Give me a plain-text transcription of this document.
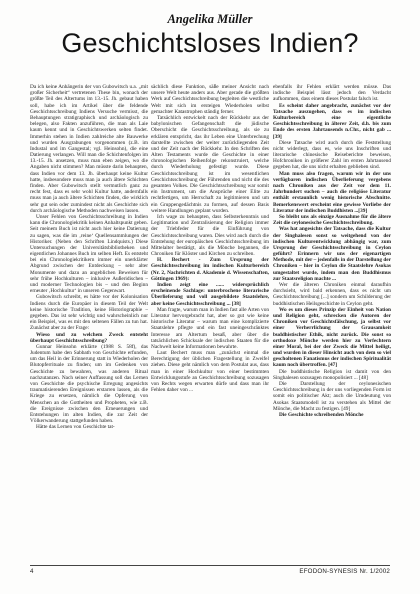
Angelika Müller
Geschichtsloses Indien?

Da ich keine Anhängerin der von Gubowitsch u.a. „mit großer Sicherheit“ vertretenen These bin, wonach der größte Teil des Altertums im 13.-15. Jh. gebaut haben soll, habe ich im Artikel über die feldende Geschichtsschreibung Indiens Versuche vermisst, die Behauptungen stratigraphisch und archäologisch zu belegen, also Fakten anzuführen, die man als Laie kaum kennt und in Geschichtswerken selten findet. Immerhin stehen in Indien zahlreiche alte Bauwerke und wurden Ausgrabungen vorgenommen (z.B. im Industal und im Gangestal; vgl. Heinsohn), die eine Datierung verlangen. Will man die Schichtenfolgen im 13.-15. Jh. ansetzen, muss man eben zeigen, wo die Angaben nicht stimmen? Man müsste darin behaupten, dass Indien vor dem 13. Jh. überhaupt keine Kultur hatte, insbesondere muss man ja auch ältere Schichten finden. Aber Gubowitsch stellt vermutlich ganz zu recht fest, dass es sehr wohl Kultur hatte, andernfalls muss man ja auch ältere Schichten finden, die wirklich sehr gut sein oder zumindest nicht als Geschichte sich durch archäologische Methoden nachweisen lassen.

Unser Fehlen von Geschichtsschreibung in Indien kann die Chronologiekritik keinen Anhaltspunkt geben. Seit meinem Buch ist nicht auch hier keine Datierung zu sagen, was die im ‚reine‘ Quellensammlungen der Historiker. (Neben den Schriften Lindquists.) Diese Untersuchungen der Universitätsbibliotheken und eigentlichen Johannes Buch im selben Heft. Es entsteht bei ein Chronologiekritikern immer ein unerklärter Abgrund zwischen der Entdeckung – sehr alter Monumente und dazu an angeblichen Beweisen für sehr frühe Hochkulturen – inklusive Außeridischen – und moderner Technologien bis – und den Beginn erneuter ‚Hochkultur‘ in unseren Gegenwart.

Gubowitsch schreibt, es hätte vor der Kolonisation Indiens durch die Europäer in diesem Teil der Welt keine historische Tradition, keine Historiographie – gegeben. Das ist sehr wichtig und wahrscheinlich nur ein Beispiel, was es mit den seltenen Fällen zu tun hat. Zunächst aber zu der Frage:

Wieso und zu welchem Zweck entsteht überhaupt Geschichtsschreibung?

Gunnar Heinsohn erklärte (1988 S. 58f), das Judentum habe den Sabbath von Geschichte erfunden, um das Heil in der Erinnerung statt in Wiederholen der Blutopferrituale zu finden; um im Gedenken von Geschichte zu bewahren, was anderen Ritual nachzutanzen. Nach seiner Auffassung soll das Lernen von Geschichte die psychische Erregung angesichts traumatisierenden Ereignissen erstarren lassen, als die Kriege zu ersetzen, nämlich die Opferung von Menschen an die Gottheiten und Propheten, wie z.B. die Ereignisse zwischen den Erneuerungen und Entstehungen im alten Indien, die zur Zeit der Völkerwanderung stattgefunden haben.

Hätte das Lernen von Geschichte tat-

sächlich diese Funktion, säße meiner Ansicht nach unsere Welt heute anders aus. Aber gerade die größten Werk auf Geschichtsschreibung begleiten die westliche Welt mit sich im ersteigen Wiederholen selbst gemachter Katastrophen ständig ferner.

Tatsächlich entwickelt nach der Rückkehr aus der babylonischen Gefangenschaft die jüdische Oberschicht die Geschichtsschreibung, als sie zu erklären entspricht, das ihr Leben eine Unterbrechung darstellte zwischen der weiter zurückliegenden Zeit und der Zeit nach der Rückkehr. In den Schriften des Alten Testaments wurde die Geschichte in einer chronologischen Reihenfolge rekonstruiert, welche durch Wiederholung gefestigt wurde. Diese Geschichtsschreibung ist im wesentlichen Geschichtsschreibung der Führenden und nicht die des gesamten Volkes. Die Geschichtsschreibung war somit ein Instrument, um die Ansprüche einer Elite zu rechtfertigen, um Herrschaft zu legitimieren und um ein Gruppengedächtnis zu formen, auf dessen Basis weitere Handlungen geplant wurden.

Ich wage zu behaupten, dass Selbsterkenntnis und Legitimation und Zentralisierung der Religion immer der Triebfeder für die Einführung von Geschichtsschreibung waren. Dies wird auch durch die Entstehung der europäischen Geschichtsschreibung im Mittelalter bestätigt, als die Mönche begannen, die Chroniken für Klöster und Kirchen zu schreiben.

H. Bechert - Zum Ursprung der Geschichtsschreibung im indischen Kulturbereich (Nr. 2, Nachrichten d. Akademie d. Wissenschaften, Göttingen 1969):

Indien zeigt eine ...... widersprüchlich erscheinende Sachlage: unterbrochene literarische Überlieferung und voll ausgebildete Staatslehre, aber keine Geschichtsschreibung ... [38]

Man fragte, warum man in Indien fast alle Arten von Literatur hervorgebracht hat, aber so gut wie keine historische Literatur – warum man eine komplizierte Staatslehre pflegte und ein fast uneingeschränktes Interesse am Altertum besaß, aber über die tatsächlichen Schicksale der indischen Staaten für die Nachwelt keine Informationen bewahrte.

Laut Bechert muss man „zunächst einmal die Berechtigung der üblichen Fragestellung in Zweifel ziehen. Diese geht nämlich von dem Postulat aus, dass man in einer Hochkultur von einer bestimmten Entwicklungsstufe an Geschichtsschreibung sozusagen von Rechts wegen erwarten dürfe und dass man ihr Fehlen daher von ...

ebenfalls ihr Fehlen erklärt werden müsse. Das indische Beispiel lässt jedoch den Verdacht aufkommen, dass einem dieses Postulat falsch ist.

Es scheint daher angebracht, zunächst vor der Tatsache auszugehen, dass es im indischen Kulturbereich eine eigentliche Geschichtsschreibung in älterer Zeit, d.h. bis zum Ende des ersten Jahrtausends n.Chr., nicht gab ...[39]

Diese Tatsache wird auch durch die Feststellung nicht widerlegt, dass es, wie uns Inschriften und literarische chinesische Reiseberichte beweisen, Hofchroniken in größerer Zahl im ersten Jahrtausend gegeben hat, die uns nicht erhalten geblieben sind.

Man muss also fragen, warum wir in der uns verfügbaren indischen Überlieferung vergebens nach Chroniken aus der Zeit vor dem 11. Jahrhundert suchen – auch die religiöse Literatur enthält erstaunlich wenig historische Abschnitte. Bemerkenswert erscheint eine gewisse Vorliebe der Literatur der indischen Buddhisten ...[39]

So bleibt uns als einzige Ausnahme für die ältere Zeit die ceylonesische Geschichtsschreibung.

Was hat angesichts der Tatsache, dass die Kultur der Singhalesen sonst so weitgehend von der indischen Kulturentwicklung abhängig war, zum Ursprung der Geschichtsschreibung in Ceylon geführt? Erinnern wir uns der eigenartigen Methode, mit der – jedenfalls in der Darstellung der Chroniken – hier in Ceylon die Staatslehre Asokas umgestaltet wurde, indem man den Buddhismus zur Staatsreligion machte ...

Wer die älteren Chroniken einmal daraufhin durchsieht, wird bald erkennen, dass es nicht um Geschichtsschreibung [...] sondern um Schilderung der buddhistischen Heilsgeschichte in Ceylon geht.

Wo es um dieses Prinzip der Einheit von Nation und Religion geht, schrecken die Autoren der Chroniken vor Geschichtsfälschung, ja selbst vor einer Verherrlichung der Grausamkeit buddhistischer Ethik, nicht zurück. Die sonst so orthodoxe Mönche werden hier zu Verfechtern einer Moral, bei der der Zweck die Mittel heiligt, und wurden in dieser Hinsicht auch von dem so viel gescholtenen Fanatismus der indischen Spiritualität kaum noch übertroffen. [47]

Die buddhistische Religion ist damit von den Singhalesen sozusagen monopolisiert ... [48]

Die Darstellung der ceylonesischen Geschichtsschreibung in der uns vorliegenden Form ist somit ein politischer Akt; auch die Umdeutung von Asokas Staatsmodell ist zu verstehen als Mittel der Mönche, die Macht zu festigen. [49]

Die Geschichte schreibenden Mönche

4	EFODON-SYNESIS Nr. 1/2002
